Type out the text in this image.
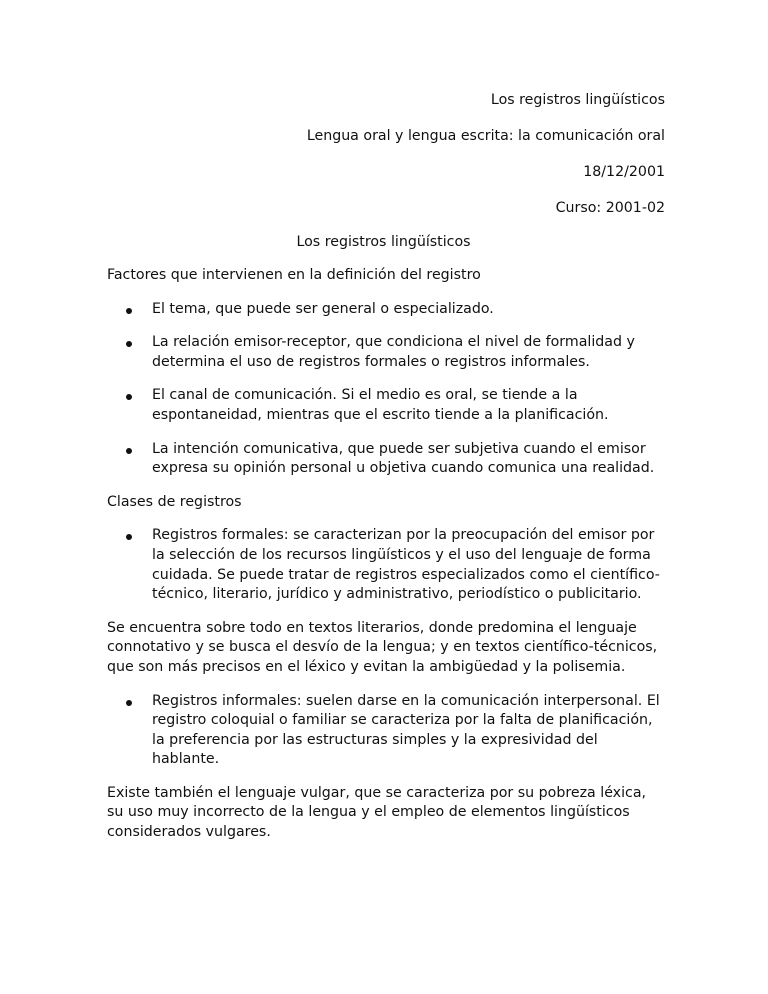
Los registros lingüísticos
Lengua oral y lengua escrita: la comunicación oral
18/12/2001
Curso: 2001-02
Los registros lingüísticos

Factores que intervienen en la definición del registro

El tema, que puede ser general o especializado.
La relación emisor-receptor, que condiciona el nivel de formalidad y determina el uso de registros formales o registros informales.
El canal de comunicación. Si el medio es oral, se tiende a la espontaneidad, mientras que el escrito tiende a la planificación.
La intención comunicativa, que puede ser subjetiva cuando el emisor expresa su opinión personal u objetiva cuando comunica una realidad.

Clases de registros

Registros formales: se caracterizan por la preocupación del emisor por la selección de los recursos lingüísticos y el uso del lenguaje de forma cuidada. Se puede tratar de registros especializados como el científico-técnico, literario, jurídico y administrativo, periodístico o publicitario.

Se encuentra sobre todo en textos literarios, donde predomina el lenguaje connotativo y se busca el desvío de la lengua; y en textos científico-técnicos, que son más precisos en el léxico y evitan la ambigüedad y la polisemia.

Registros informales: suelen darse en la comunicación interpersonal. El registro coloquial o familiar se caracteriza por la falta de planificación, la preferencia por las estructuras simples y la expresividad del hablante.

Existe también el lenguaje vulgar, que se caracteriza por su pobreza léxica, su uso muy incorrecto de la lengua y el empleo de elementos lingüísticos considerados vulgares.
